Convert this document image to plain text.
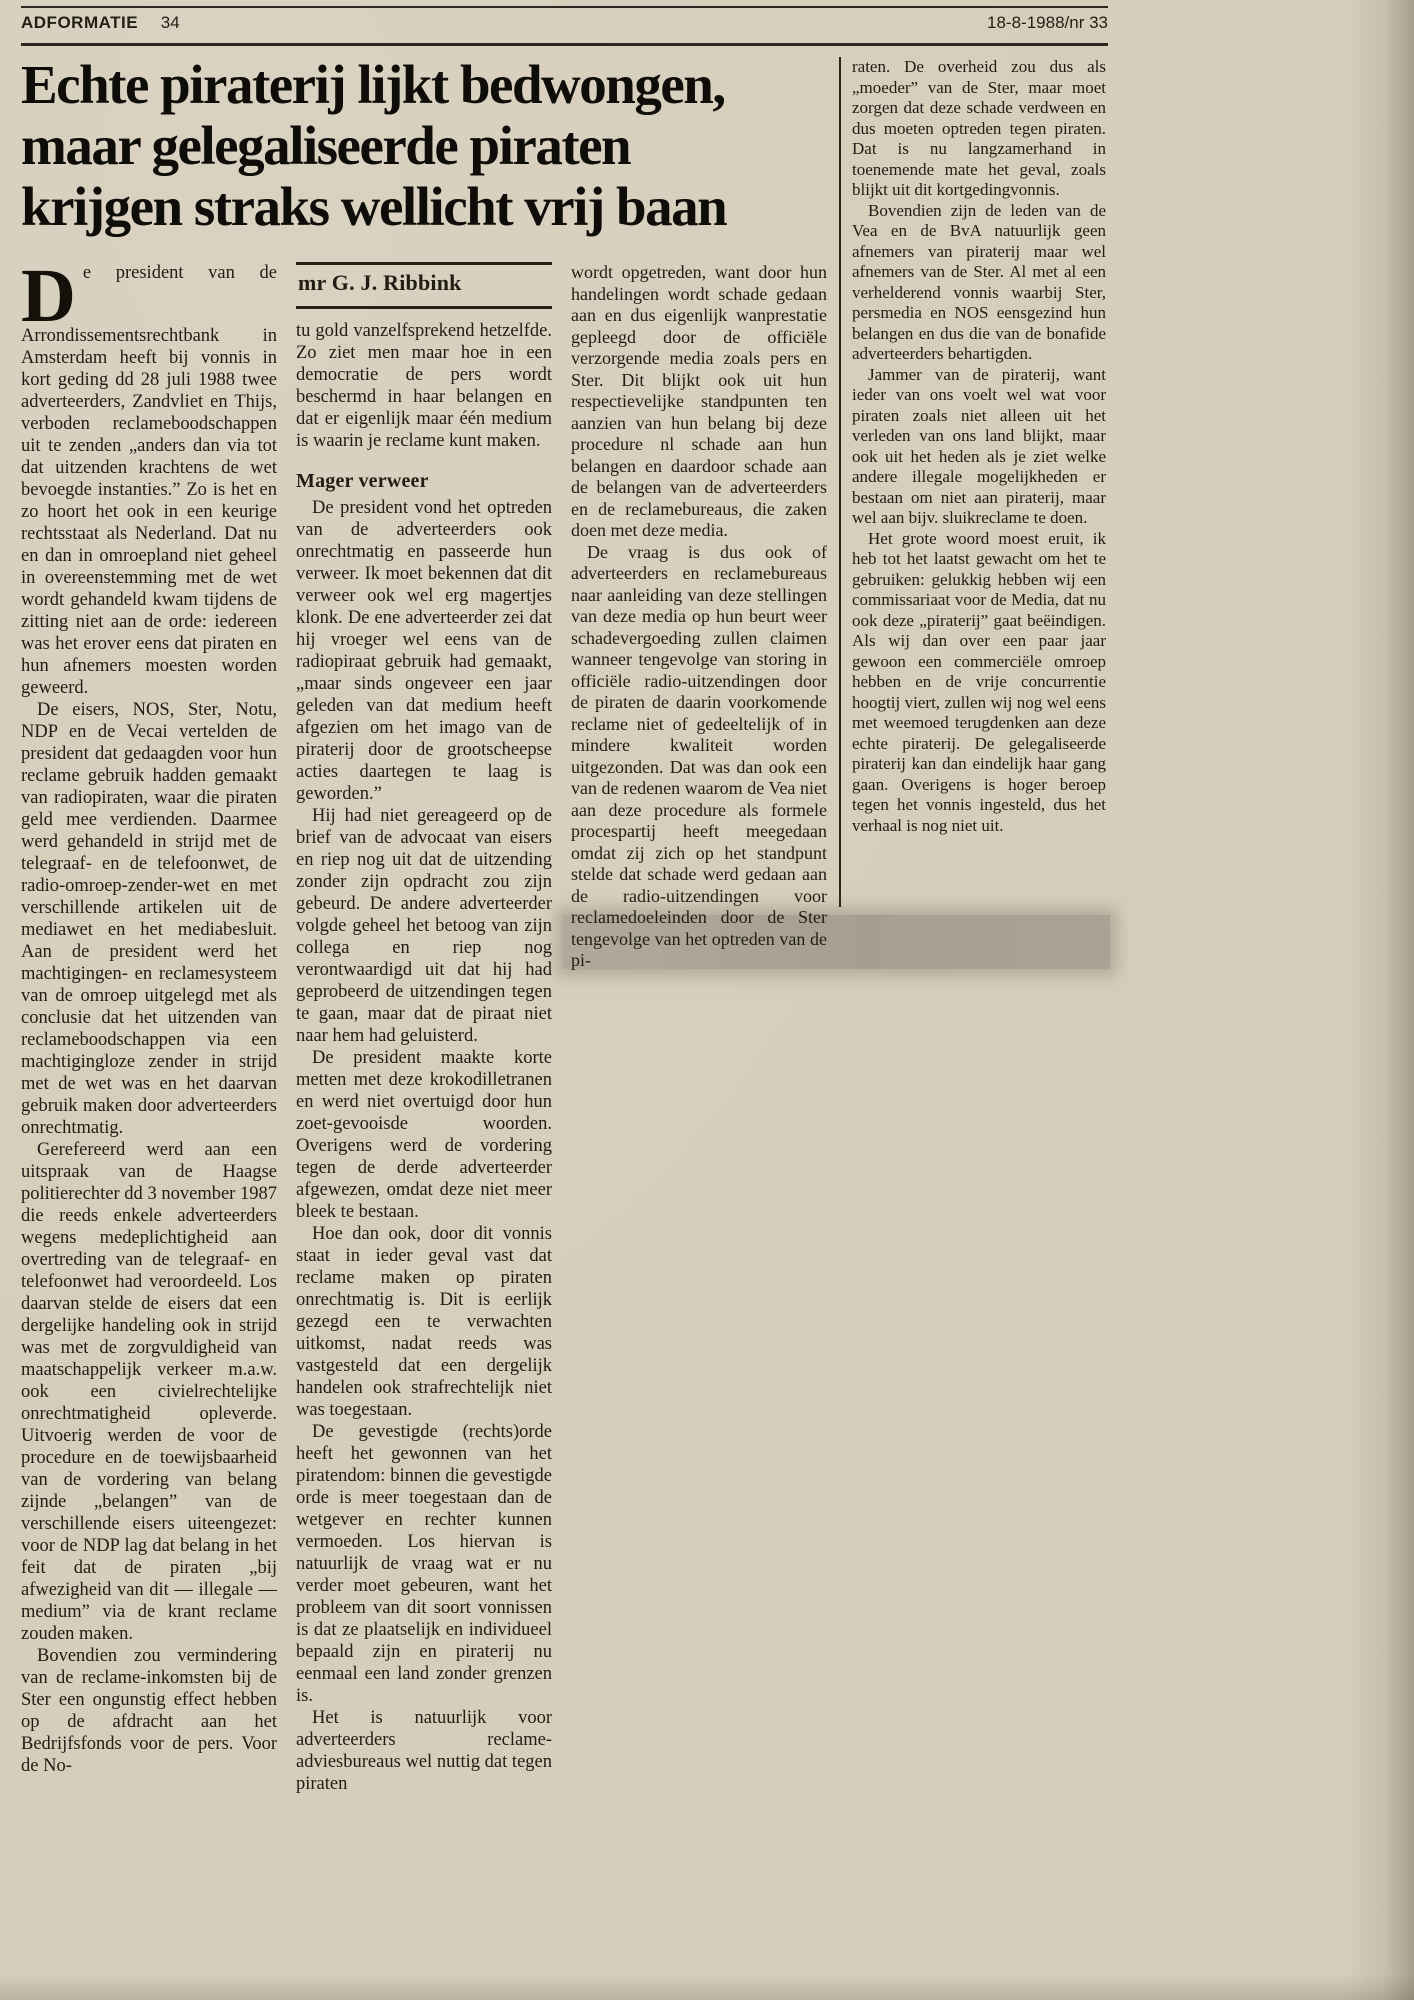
ADFORMATIE 34	18-8-1988/nr 33
Echte piraterij lijkt bedwongen,
maar gelegaliseerde piraten
krijgen straks wellicht vrij baan

De president van de Arrondissementsrechtbank in Amsterdam heeft bij vonnis in kort geding dd 28 juli 1988 twee adverteerders, Zandvliet en Thijs, verboden reclameboodschappen uit te zenden „anders dan via tot dat uitzenden krachtens de wet bevoegde instanties.” Zo is het en zo hoort het ook in een keurige rechtsstaat als Nederland. Dat nu en dan in omroepland niet geheel in overeenstemming met de wet wordt gehandeld kwam tijdens de zitting niet aan de orde: iedereen was het erover eens dat piraten en hun afnemers moesten worden geweerd.

De eisers, NOS, Ster, Notu, NDP en de Vecai vertelden de president dat gedaagden voor hun reclame gebruik hadden gemaakt van radiopiraten, waar die piraten geld mee verdienden. Daarmee werd gehandeld in strijd met de telegraaf- en de telefoonwet, de radio-omroep-zender-wet en met verschillende artikelen uit de mediawet en het mediabesluit. Aan de president werd het machtigingen- en reclamesysteem van de omroep uitgelegd met als conclusie dat het uitzenden van reclameboodschappen via een machtigingloze zender in strijd met de wet was en het daarvan gebruik maken door adverteerders onrechtmatig.

Gerefereerd werd aan een uitspraak van de Haagse politierechter dd 3 november 1987 die reeds enkele adverteerders wegens medeplichtigheid aan overtreding van de telegraaf- en telefoonwet had veroordeeld. Los daarvan stelde de eisers dat een dergelijke handeling ook in strijd was met de zorgvuldigheid van maatschappelijk verkeer m.a.w. ook een civielrechtelijke onrechtmatigheid opleverde. Uitvoerig werden de voor de procedure en de toewijsbaarheid van de vordering van belang zijnde „belangen” van de verschillende eisers uiteengezet: voor de NDP lag dat belang in het feit dat de piraten „bij afwezigheid van dit — illegale — medium” via de krant reclame zouden maken.

Bovendien zou vermindering van de reclame-inkomsten bij de Ster een ongunstig effect hebben op de afdracht aan het Bedrijfsfonds voor de pers. Voor de No-

mr G. J. Ribbink

tu gold vanzelfsprekend hetzelfde. Zo ziet men maar hoe in een democratie de pers wordt beschermd in haar belangen en dat er eigenlijk maar één medium is waarin je reclame kunt maken.

Mager verweer

De president vond het optreden van de adverteerders ook onrechtmatig en passeerde hun verweer. Ik moet bekennen dat dit verweer ook wel erg magertjes klonk. De ene adverteerder zei dat hij vroeger wel eens van de radiopiraat gebruik had gemaakt, „maar sinds ongeveer een jaar geleden van dat medium heeft afgezien om het imago van de piraterij door de grootscheepse acties daartegen te laag is geworden.”

Hij had niet gereageerd op de brief van de advocaat van eisers en riep nog uit dat de uitzending zonder zijn opdracht zou zijn gebeurd. De andere adverteerder volgde geheel het betoog van zijn collega en riep nog verontwaardigd uit dat hij had geprobeerd de uitzendingen tegen te gaan, maar dat de piraat niet naar hem had geluisterd.

De president maakte korte metten met deze krokodilletranen en werd niet overtuigd door hun zoet-gevooisde woorden. Overigens werd de vordering tegen de derde adverteerder afgewezen, omdat deze niet meer bleek te bestaan.

Hoe dan ook, door dit vonnis staat in ieder geval vast dat reclame maken op piraten onrechtmatig is. Dit is eerlijk gezegd een te verwachten uitkomst, nadat reeds was vastgesteld dat een dergelijk handelen ook strafrechtelijk niet was toegestaan.

De gevestigde (rechts)orde heeft het gewonnen van het piratendom: binnen die gevestigde orde is meer toegestaan dan de wetgever en rechter kunnen vermoeden. Los hiervan is natuurlijk de vraag wat er nu verder moet gebeuren, want het probleem van dit soort vonnissen is dat ze plaatselijk en individueel bepaald zijn en piraterij nu eenmaal een land zonder grenzen is.

Het is natuurlijk voor adverteerders reclame-adviesbureaus wel nuttig dat tegen piraten

wordt opgetreden, want door hun handelingen wordt schade gedaan aan en dus eigenlijk wanprestatie gepleegd door de officiële verzorgende media zoals pers en Ster. Dit blijkt ook uit hun respectievelijke standpunten ten aanzien van hun belang bij deze procedure nl schade aan hun belangen en daardoor schade aan de belangen van de adverteerders en de reclamebureaus, die zaken doen met deze media.

De vraag is dus ook of adverteerders en reclamebureaus naar aanleiding van deze stellingen van deze media op hun beurt weer schadevergoeding zullen claimen wanneer tengevolge van storing in officiële radio-uitzendingen door de piraten de daarin voorkomende reclame niet of gedeeltelijk of in mindere kwaliteit worden uitgezonden. Dat was dan ook een van de redenen waarom de Vea niet aan deze procedure als formele procespartij heeft meegedaan omdat zij zich op het standpunt stelde dat schade werd gedaan aan de radio-uitzendingen voor reclamedoeleinden door de Ster tengevolge van het optreden van de pi-

raten. De overheid zou dus als „moeder” van de Ster, maar moet zorgen dat deze schade verdween en dus moeten optreden tegen piraten. Dat is nu langzamerhand in toenemende mate het geval, zoals blijkt uit dit kortgedingvonnis.

Bovendien zijn de leden van de Vea en de BvA natuurlijk geen afnemers van piraterij maar wel afnemers van de Ster. Al met al een verhelderend vonnis waarbij Ster, persmedia en NOS eensgezind hun belangen en dus die van de bonafide adverteerders behartigden.

Jammer van de piraterij, want ieder van ons voelt wel wat voor piraten zoals niet alleen uit het verleden van ons land blijkt, maar ook uit het heden als je ziet welke andere illegale mogelijkheden er bestaan om niet aan piraterij, maar wel aan bijv. sluikreclame te doen.

Het grote woord moest eruit, ik heb tot het laatst gewacht om het te gebruiken: gelukkig hebben wij een commissariaat voor de Media, dat nu ook deze „piraterij” gaat beëindigen. Als wij dan over een paar jaar gewoon een commerciële omroep hebben en de vrije concurrentie hoogtij viert, zullen wij nog wel eens met weemoed terugdenken aan deze echte piraterij. De gelegaliseerde piraterij kan dan eindelijk haar gang gaan. Overigens is hoger beroep tegen het vonnis ingesteld, dus het verhaal is nog niet uit.
